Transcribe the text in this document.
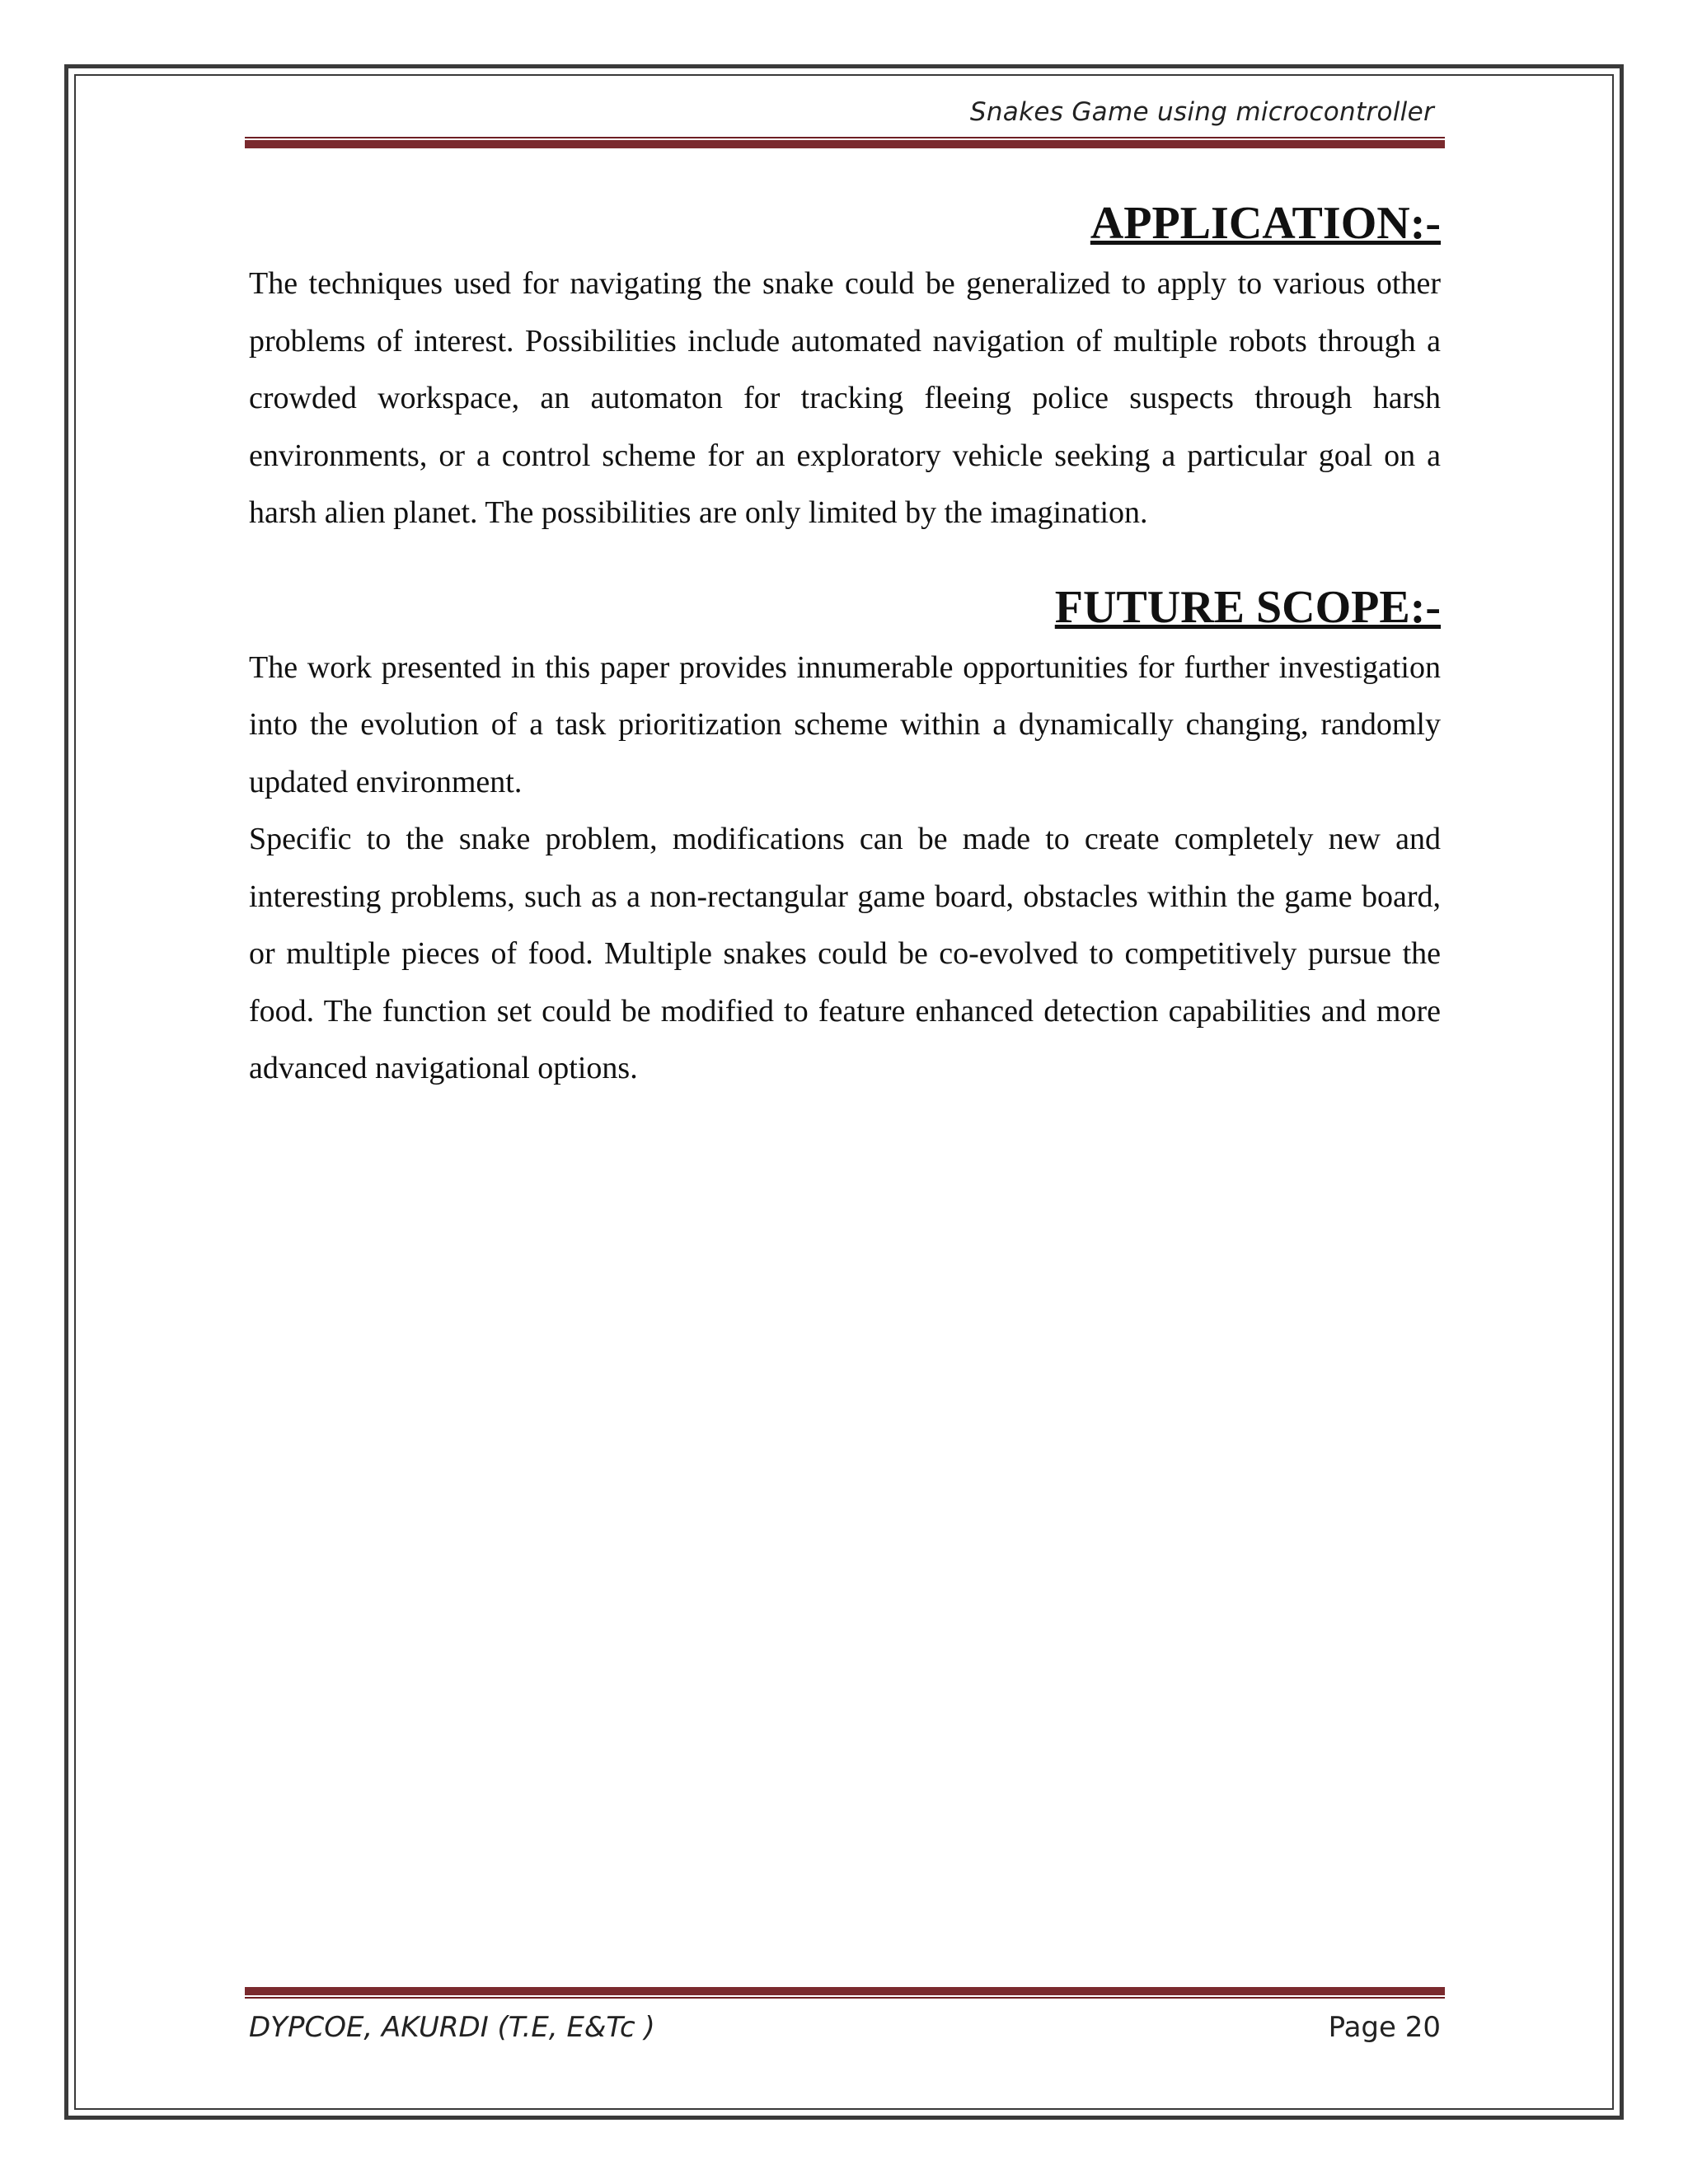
Snakes Game using microcontroller
APPLICATION:-

The techniques used for navigating the snake could be generalized to apply to various other problems of interest. Possibilities include automated navigation of multiple robots through a crowded workspace, an automaton for tracking fleeing police suspects through harsh environments, or a control scheme for an exploratory vehicle seeking a particular goal on a harsh alien planet. The possibilities are only limited by the imagination.

FUTURE SCOPE:-

The work presented in this paper provides innumerable opportunities for further investigation into the evolution of a task prioritization scheme within a dynamically changing, randomly updated environment.

Specific to the snake problem, modifications can be made to create completely new and interesting problems, such as a non-rectangular game board, obstacles within the game board, or multiple pieces of food. Multiple snakes could be co-evolved to competitively pursue the food. The function set could be modified to feature enhanced detection capabilities and more advanced navigational options.

DYPCOE, AKURDI (T.E, E&Tc )	Page 20
